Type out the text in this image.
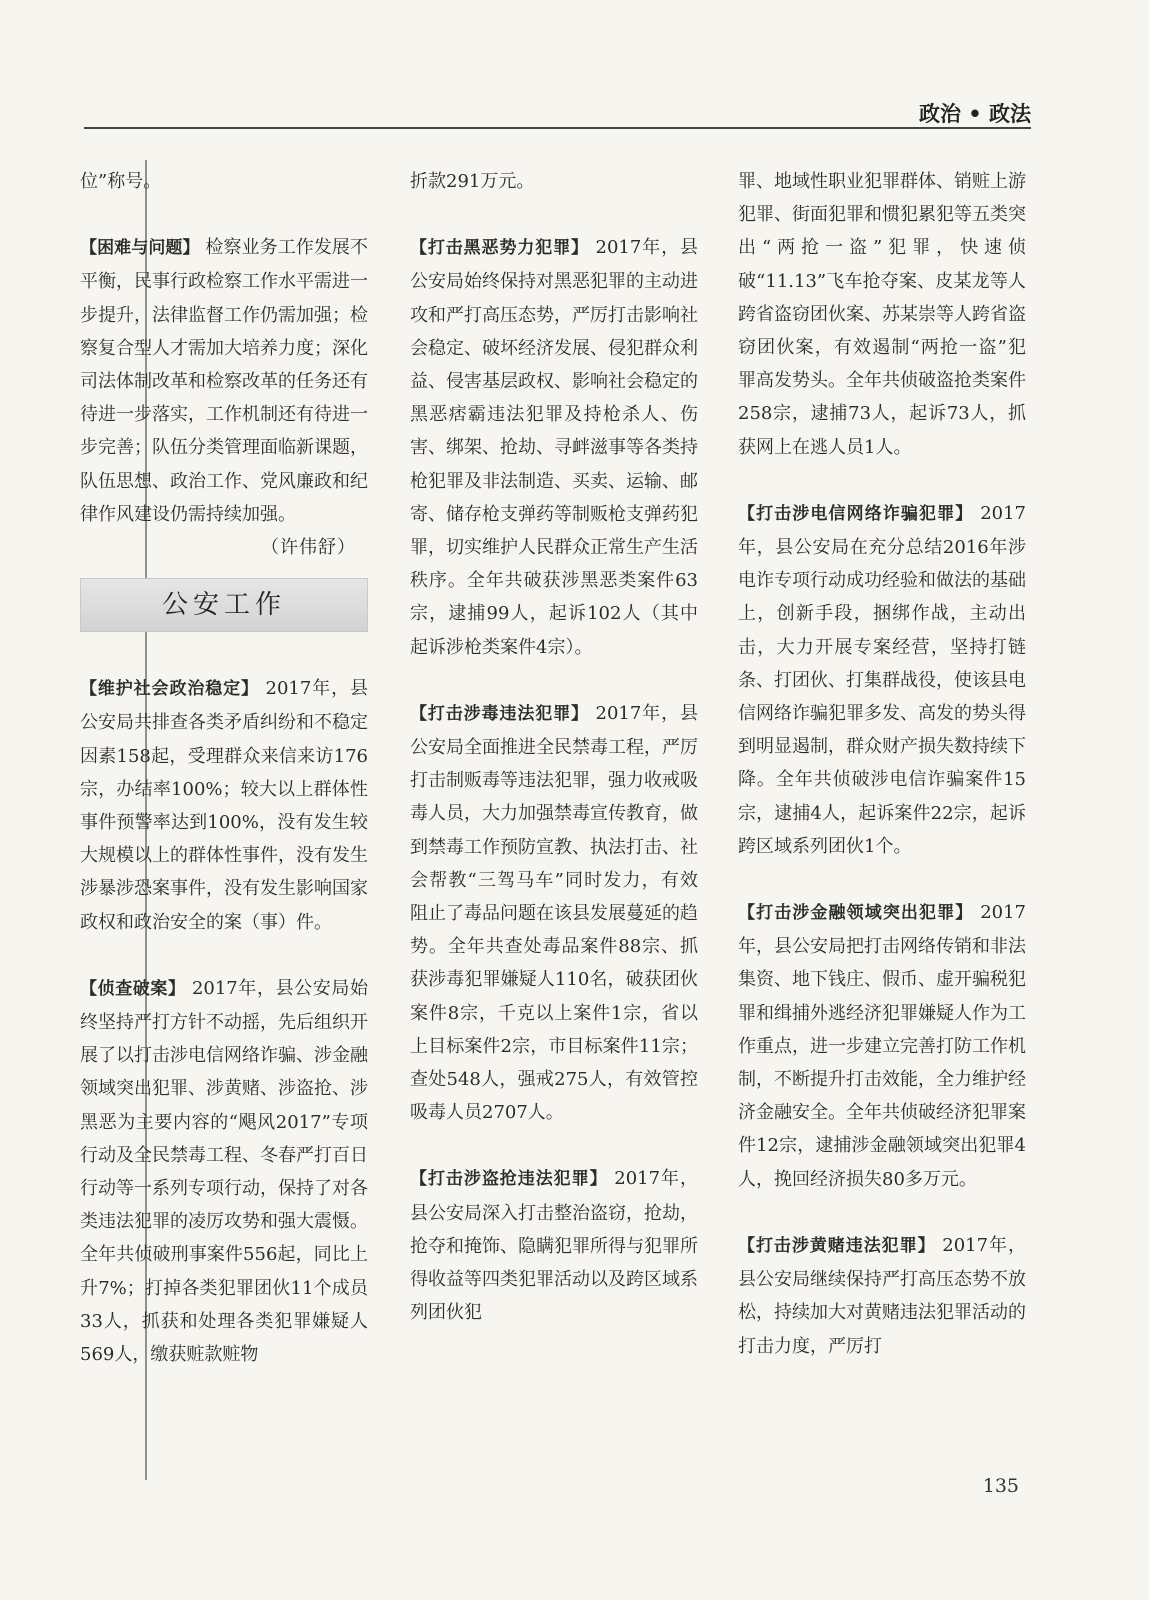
政治 • 政法

位”称号。

【困难与问题】 检察业务工作发展不平衡，民事行政检察工作水平需进一步提升，法律监督工作仍需加强；检察复合型人才需加大培养力度；深化司法体制改革和检察改革的任务还有待进一步落实，工作机制还有待进一步完善；队伍分类管理面临新课题，队伍思想、政治工作、党风廉政和纪律作风建设仍需持续加强。

（许伟舒）

公安工作

【维护社会政治稳定】 2017年，县公安局共排查各类矛盾纠纷和不稳定因素158起，受理群众来信来访176宗，办结率100%；较大以上群体性事件预警率达到100%，没有发生较大规模以上的群体性事件，没有发生涉暴涉恐案事件，没有发生影响国家政权和政治安全的案（事）件。

【侦查破案】 2017年，县公安局始终坚持严打方针不动摇，先后组织开展了以打击涉电信网络诈骗、涉金融领域突出犯罪、涉黄赌、涉盗抢、涉黑恶为主要内容的“飓风2017”专项行动及全民禁毒工程、冬春严打百日行动等一系列专项行动，保持了对各类违法犯罪的凌厉攻势和强大震慑。全年共侦破刑事案件556起，同比上升7%；打掉各类犯罪团伙11个成员33人，抓获和处理各类犯罪嫌疑人569人，缴获赃款赃物

折款291万元。

【打击黑恶势力犯罪】 2017年，县公安局始终保持对黑恶犯罪的主动进攻和严打高压态势，严厉打击影响社会稳定、破坏经济发展、侵犯群众利益、侵害基层政权、影响社会稳定的黑恶痞霸违法犯罪及持枪杀人、伤害、绑架、抢劫、寻衅滋事等各类持枪犯罪及非法制造、买卖、运输、邮寄、储存枪支弹药等制贩枪支弹药犯罪，切实维护人民群众正常生产生活秩序。全年共破获涉黑恶类案件63宗，逮捕99人，起诉102人（其中起诉涉枪类案件4宗）。

【打击涉毒违法犯罪】 2017年，县公安局全面推进全民禁毒工程，严厉打击制贩毒等违法犯罪，强力收戒吸毒人员，大力加强禁毒宣传教育，做到禁毒工作预防宣教、执法打击、社会帮教“三驾马车”同时发力，有效阻止了毒品问题在该县发展蔓延的趋势。全年共查处毒品案件88宗、抓获涉毒犯罪嫌疑人110名，破获团伙案件8宗，千克以上案件1宗，省以上目标案件2宗，市目标案件11宗；查处548人，强戒275人，有效管控吸毒人员2707人。

【打击涉盗抢违法犯罪】 2017年，县公安局深入打击整治盗窃，抢劫，抢夺和掩饰、隐瞒犯罪所得与犯罪所得收益等四类犯罪活动以及跨区域系列团伙犯

罪、地域性职业犯罪群体、销赃上游犯罪、街面犯罪和惯犯累犯等五类突出“两抢一盗”犯罪，快速侦破“11.13”飞车抢夺案、皮某龙等人跨省盗窃团伙案、苏某崇等人跨省盗窃团伙案，有效遏制“两抢一盗”犯罪高发势头。全年共侦破盗抢类案件258宗，逮捕73人，起诉73人，抓获网上在逃人员1人。

【打击涉电信网络诈骗犯罪】 2017年，县公安局在充分总结2016年涉电诈专项行动成功经验和做法的基础上，创新手段，捆绑作战，主动出击，大力开展专案经营，坚持打链条、打团伙、打集群战役，使该县电信网络诈骗犯罪多发、高发的势头得到明显遏制，群众财产损失数持续下降。全年共侦破涉电信诈骗案件15宗，逮捕4人，起诉案件22宗，起诉跨区域系列团伙1个。

【打击涉金融领域突出犯罪】 2017年，县公安局把打击网络传销和非法集资、地下钱庄、假币、虚开骗税犯罪和缉捕外逃经济犯罪嫌疑人作为工作重点，进一步建立完善打防工作机制，不断提升打击效能，全力维护经济金融安全。全年共侦破经济犯罪案件12宗，逮捕涉金融领域突出犯罪4人，挽回经济损失80多万元。

【打击涉黄赌违法犯罪】 2017年，县公安局继续保持严打高压态势不放松，持续加大对黄赌违法犯罪活动的打击力度，严厉打

135
